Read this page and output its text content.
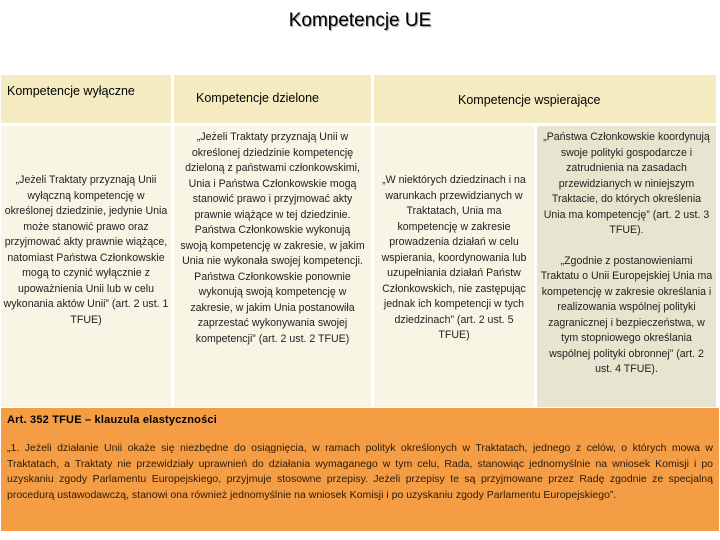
Kompetencje UE
Kompetencje wyłączne	Kompetencje dzielone	Kompetencje wspierające
„Jeżeli Traktaty przyznają Unii wyłączną kompetencję w określonej dziedzinie, jedynie Unia może stanowić prawo oraz przyjmować akty prawnie wiążące, natomiast Państwa Członkowskie mogą to czynić wyłącznie z upoważnienia Unii lub w celu wykonania aktów Unii” (art. 2 ust. 1 TFUE)
„Jeżeli Traktaty przyznają Unii w określonej dziedzinie kompetencję dzieloną z państwami członkowskimi, Unia i Państwa Członkowskie mogą stanowić prawo i przyjmować akty prawnie wiążące w tej dziedzinie. Państwa Członkowskie wykonują swoją kompetencję w zakresie, w jakim Unia nie wykonała swojej kompetencji. Państwa Członkowskie ponownie wykonują swoją kompetencję w zakresie, w jakim Unia postanowiła zaprzestać wykonywania swojej kompetencji” (art. 2 ust. 2 TFUE)
„W niektórych dziedzinach i na warunkach przewidzianych w Traktatach, Unia ma kompetencję w zakresie prowadzenia działań w celu wspierania, koordynowania lub uzupełniania działań Państw Członkowskich, nie zastępując jednak ich kompetencji w tych dziedzinach” (art. 2 ust. 5 TFUE)
„Państwa Członkowskie koordynują swoje polityki gospodarcze i zatrudnienia na zasadach przewidzianych w niniejszym Traktacie, do których określenia Unia ma kompetencję” (art. 2 ust. 3 TFUE).
„Zgodnie z postanowieniami Traktatu o Unii Europejskiej Unia ma kompetencję w zakresie określania i realizowania wspólnej polityki zagranicznej i bezpieczeństwa, w tym stopniowego określania wspólnej polityki obronnej” (art. 2 ust. 4 TFUE).
Art. 352 TFUE – klauzula elastyczności
„1. Jeżeli działanie Unii okaże się niezbędne do osiągnięcia, w ramach polityk określonych w Traktatach, jednego z celów, o których mowa w Traktatach, a Traktaty nie przewidziały uprawnień do działania wymaganego w tym celu, Rada, stanowiąc jednomyślnie na wniosek Komisji i po uzyskaniu zgody Parlamentu Europejskiego, przyjmuje stosowne przepisy. Jeżeli przepisy te są przyjmowane przez Radę zgodnie ze specjalną procedurą ustawodawczą, stanowi ona również jednomyślnie na wniosek Komisji i po uzyskaniu zgody Parlamentu Europejskiego”.
